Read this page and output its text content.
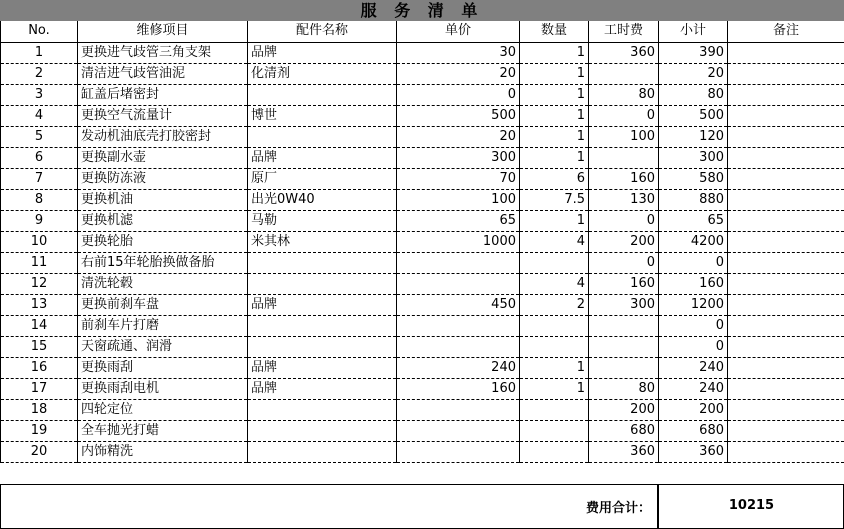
服 务 清 单
No.	维修项目	配件名称	单价	数量	工时费	小计	备注
1	更换进气歧管三角支架	品牌	30	1	360	390	
2	清洁进气歧管油泥	化清剂	20	1		20	
3	缸盖后堵密封		0	1	80	80	
4	更换空气流量计	博世	500	1	0	500	
5	发动机油底壳打胶密封		20	1	100	120	
6	更换副水壶	品牌	300	1		300	
7	更换防冻液	原厂	70	6	160	580	
8	更换机油	出光0W40	100	7.5	130	880	
9	更换机滤	马勒	65	1	0	65	
10	更换轮胎	米其林	1000	4	200	4200	
11	右前15年轮胎换做备胎				0	0	
12	清洗轮毂			4	160	160	
13	更换前刹车盘	品牌	450	2	300	1200	
14	前刹车片打磨					0	
15	天窗疏通、润滑					0	
16	更换雨刮	品牌	240	1		240	
17	更换雨刮电机	品牌	160	1	80	240	
18	四轮定位				200	200	
19	全车抛光打蜡				680	680	
20	内饰精洗				360	360	
费用合计：	10215
